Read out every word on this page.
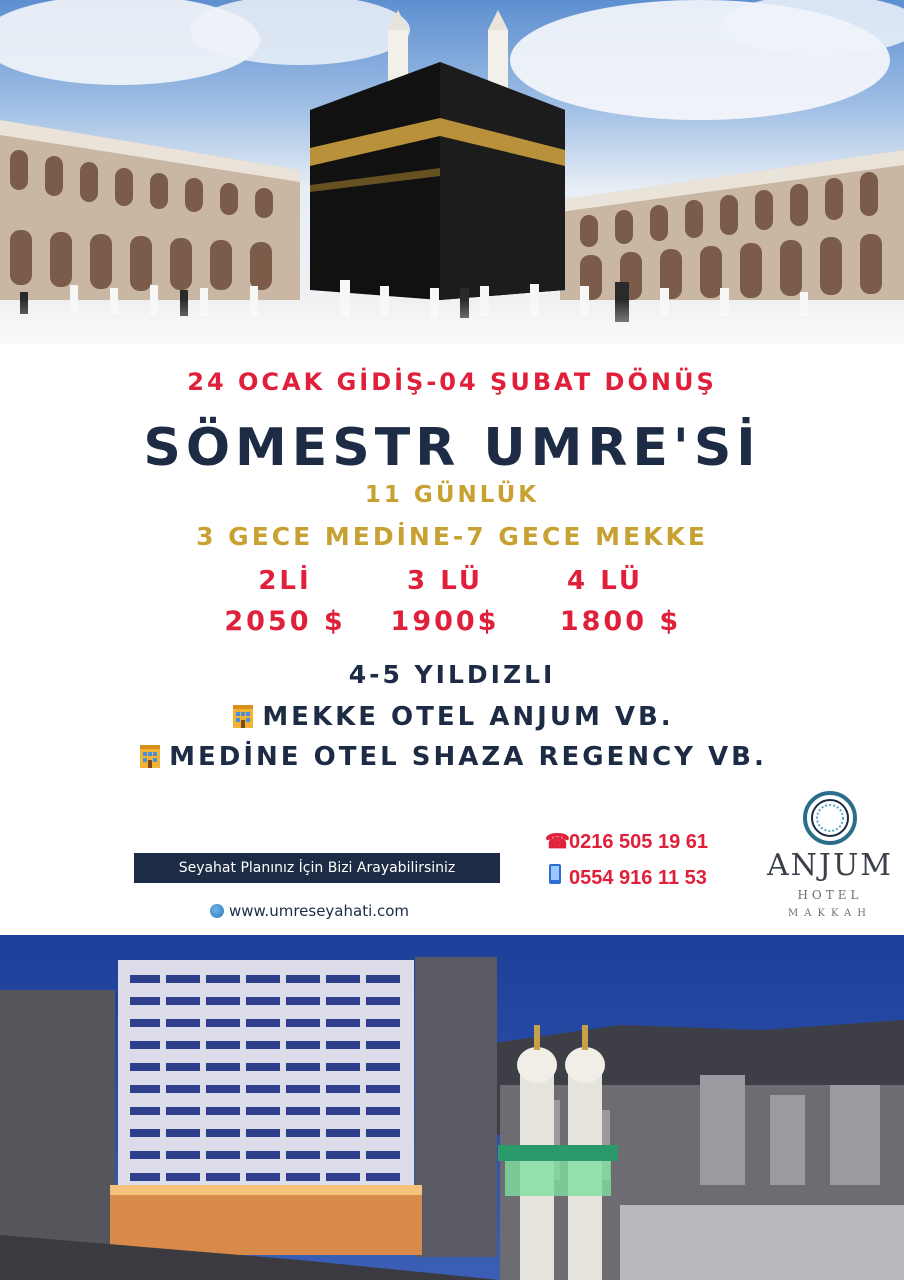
24 OCAK GİDİŞ-04 ŞUBAT DÖNÜŞ
SÖMESTR UMRE'Sİ
11 GÜNLÜK
3 GECE MEDİNE-7 GECE MEKKE
2Lİ	3 LÜ	4 LÜ
2050 $	1900$	1800 $
4-5 YILDIZLI
MEKKE OTEL ANJUM VB.
MEDİNE OTEL SHAZA REGENCY VB.
Seyahat Planınız İçin Bizi Arayabilirsiniz
☎0216 505 19 61
0554 916 11 53
www.umreseyahati.com
ANJUM
HOTEL
MAKKAH
